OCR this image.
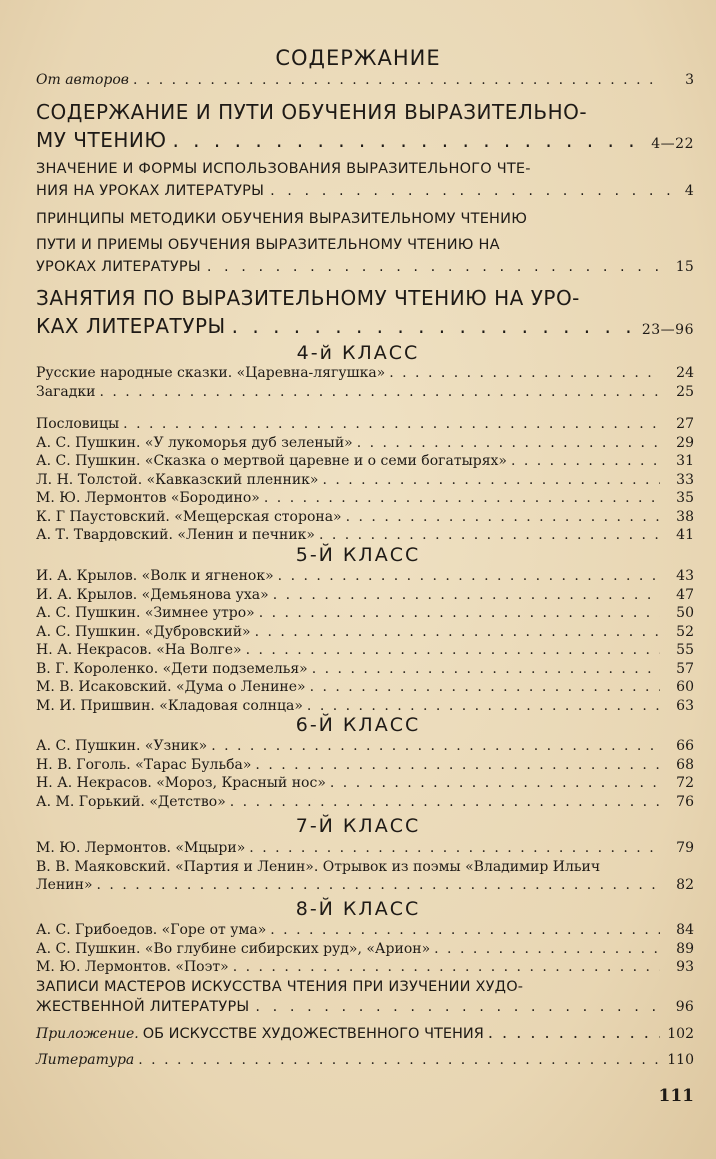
СОДЕРЖАНИЕ
От авторов . . .	3
СОДЕРЖАНИЕ И ПУТИ ОБУЧЕНИЯ ВЫРАЗИТЕЛЬНО-
МУ ЧТЕНИЮ . . .	4—22
ЗНАЧЕНИЕ И ФОРМЫ ИСПОЛЬЗОВАНИЯ ВЫРАЗИТЕЛЬНОГО ЧТЕ-
НИЯ НА УРОКАХ ЛИТЕРАТУРЫ . . .	4
ПРИНЦИПЫ МЕТОДИКИ ОБУЧЕНИЯ ВЫРАЗИТЕЛЬНОМУ ЧТЕНИЮ
ПУТИ И ПРИЕМЫ ОБУЧЕНИЯ ВЫРАЗИТЕЛЬНОМУ ЧТЕНИЮ НА
УРОКАХ ЛИТЕРАТУРЫ . . .	15
ЗАНЯТИЯ ПО ВЫРАЗИТЕЛЬНОМУ ЧТЕНИЮ НА УРО-
КАХ ЛИТЕРАТУРЫ . . .	23—96
4-й КЛАСС
Русские народные сказки. «Царевна-лягушка» . . .	24
Загадки . . .	25
Пословицы . . .	27
А. С. Пушкин. «У лукоморья дуб зеленый» . . .	29
А. С. Пушкин. «Сказка о мертвой царевне и о семи богатырях» . . .	31
Л. Н. Толстой. «Кавказский пленник» . . .	33
М. Ю. Лермонтов «Бородино» . . .	35
К. Г Паустовский. «Мещерская сторона» . . .	38
А. Т. Твардовский. «Ленин и печник» . . .	41
5-Й КЛАСС
И. А. Крылов. «Волк и ягненок» . . .	43
И. А. Крылов. «Демьянова уха» . . .	47
А. С. Пушкин. «Зимнее утро» . . .	50
А. С. Пушкин. «Дубровский» . . .	52
Н. А. Некрасов. «На Волге» . . .	55
В. Г. Короленко. «Дети подземелья» . . .	57
М. В. Исаковский. «Дума о Ленине» . . .	60
М. И. Пришвин. «Кладовая солнца» . . .	63
6-Й КЛАСС
А. С. Пушкин. «Узник» . . .	66
Н. В. Гоголь. «Тарас Бульба» . . .	68
Н. А. Некрасов. «Мороз, Красный нос» . . .	72
А. М. Горький. «Детство» . . .	76
7-Й КЛАСС
М. Ю. Лермонтов. «Мцыри» . . .	79
В. В. Маяковский. «Партия и Ленин». Отрывок из поэмы «Владимир Ильич
Ленин» . . .	82
8-Й КЛАСС
А. С. Грибоедов. «Горе от ума» . . .	84
А. С. Пушкин. «Во глубине сибирских руд», «Арион» . . .	89
М. Ю. Лермонтов. «Поэт» . . .	93
ЗАПИСИ МАСТЕРОВ ИСКУССТВА ЧТЕНИЯ ПРИ ИЗУЧЕНИИ ХУДО-
ЖЕСТВЕННОЙ ЛИТЕРАТУРЫ . . .	96
Приложение. ОБ ИСКУССТВЕ ХУДОЖЕСТВЕННОГО ЧТЕНИЯ . . .	102
Литература . . .	110
111
